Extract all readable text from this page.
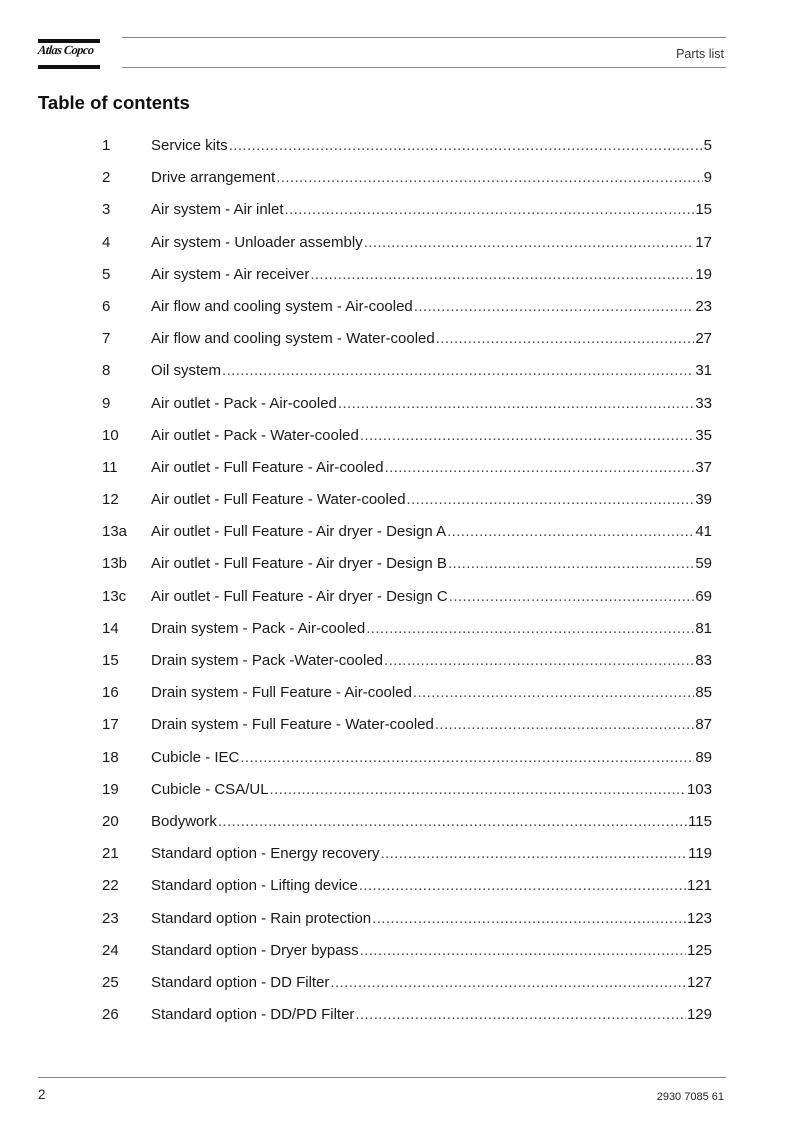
Atlas Copco	Parts list
Table of contents
1	Service kits .....	5
2	Drive arrangement .....	9
3	Air system - Air inlet .....	15
4	Air system - Unloader assembly .....	17
5	Air system - Air receiver .....	19
6	Air flow and cooling system - Air-cooled .....	23
7	Air flow and cooling system - Water-cooled .....	27
8	Oil system .....	31
9	Air outlet - Pack - Air-cooled .....	33
10	Air outlet - Pack - Water-cooled .....	35
11	Air outlet - Full Feature - Air-cooled .....	37
12	Air outlet - Full Feature - Water-cooled .....	39
13a	Air outlet - Full Feature - Air dryer - Design A .....	41
13b	Air outlet - Full Feature - Air dryer - Design B .....	59
13c	Air outlet - Full Feature - Air dryer - Design C .....	69
14	Drain system - Pack - Air-cooled .....	81
15	Drain system - Pack -Water-cooled .....	83
16	Drain system - Full Feature - Air-cooled .....	85
17	Drain system - Full Feature - Water-cooled .....	87
18	Cubicle - IEC .....	89
19	Cubicle - CSA/UL .....	103
20	Bodywork .....	115
21	Standard option - Energy recovery .....	119
22	Standard option - Lifting device .....	121
23	Standard option - Rain protection .....	123
24	Standard option - Dryer bypass .....	125
25	Standard option - DD Filter .....	127
26	Standard option - DD/PD Filter .....	129
2	2930 7085 61
